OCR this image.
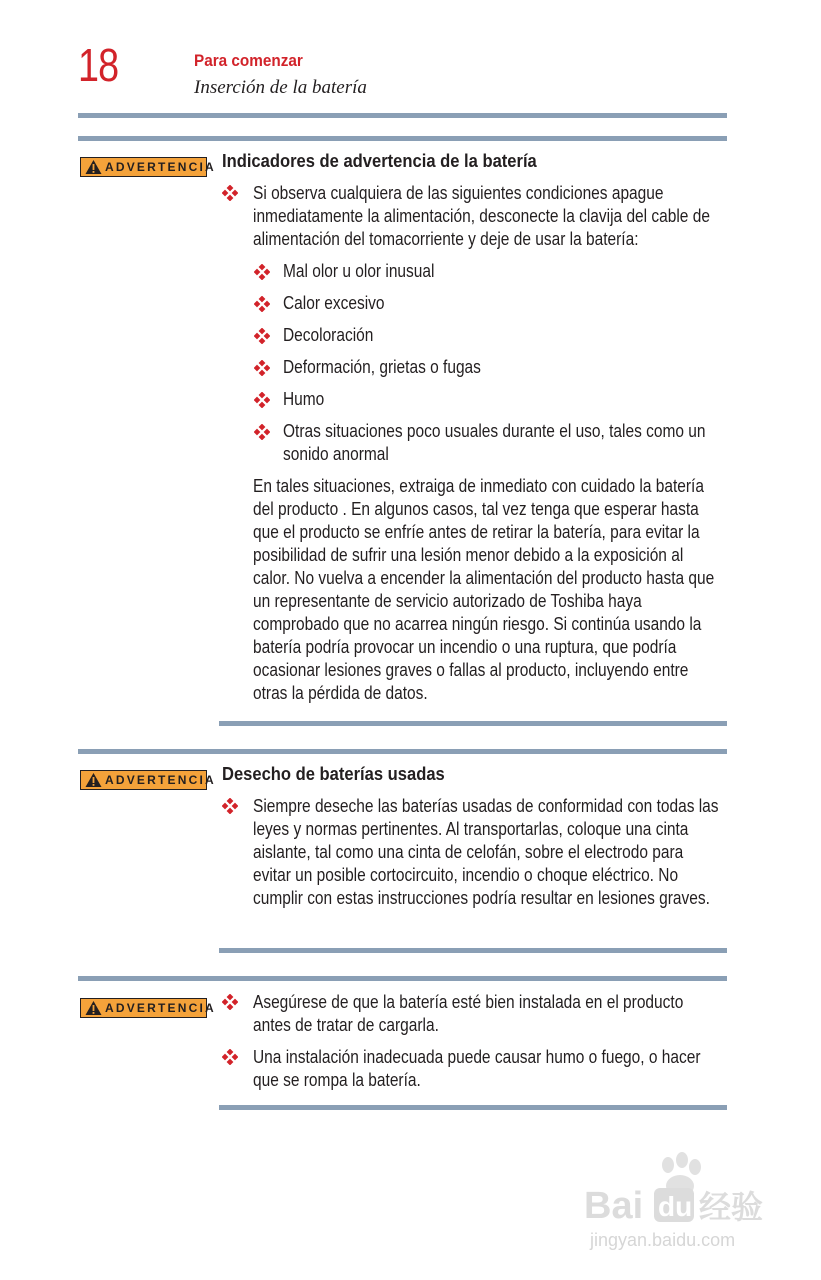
18	Para comenzar
Inserción de la batería
ADVERTENCIA Indicadores de advertencia de la batería
Si observa cualquiera de las siguientes condiciones apague inmediatamente la alimentación, desconecte la clavija del cable de alimentación del tomacorriente y deje de usar la batería:
Mal olor u olor inusual
Calor excesivo
Decoloración
Deformación, grietas o fugas
Humo
Otras situaciones poco usuales durante el uso, tales como un sonido anormal
En tales situaciones, extraiga de inmediato con cuidado la batería del producto . En algunos casos, tal vez tenga que esperar hasta que el producto se enfríe antes de retirar la batería, para evitar la posibilidad de sufrir una lesión menor debido a la exposición al calor. No vuelva a encender la alimentación del producto hasta que un representante de servicio autorizado de Toshiba haya comprobado que no acarrea ningún riesgo. Si continúa usando la batería podría provocar un incendio o una ruptura, que podría ocasionar lesiones graves o fallas al producto, incluyendo entre otras la pérdida de datos.
ADVERTENCIA Desecho de baterías usadas
Siempre deseche las baterías usadas de conformidad con todas las leyes y normas pertinentes. Al transportarlas, coloque una cinta aislante, tal como una cinta de celofán, sobre el electrodo para evitar un posible cortocircuito, incendio o choque eléctrico. No cumplir con estas instrucciones podría resultar en lesiones graves.
ADVERTENCIA Asegúrese de que la batería esté bien instalada en el producto antes de tratar de cargarla.
Una instalación inadecuada puede causar humo o fuego, o hacer que se rompa la batería.
Bai du 经验
jingyan.baidu.com
